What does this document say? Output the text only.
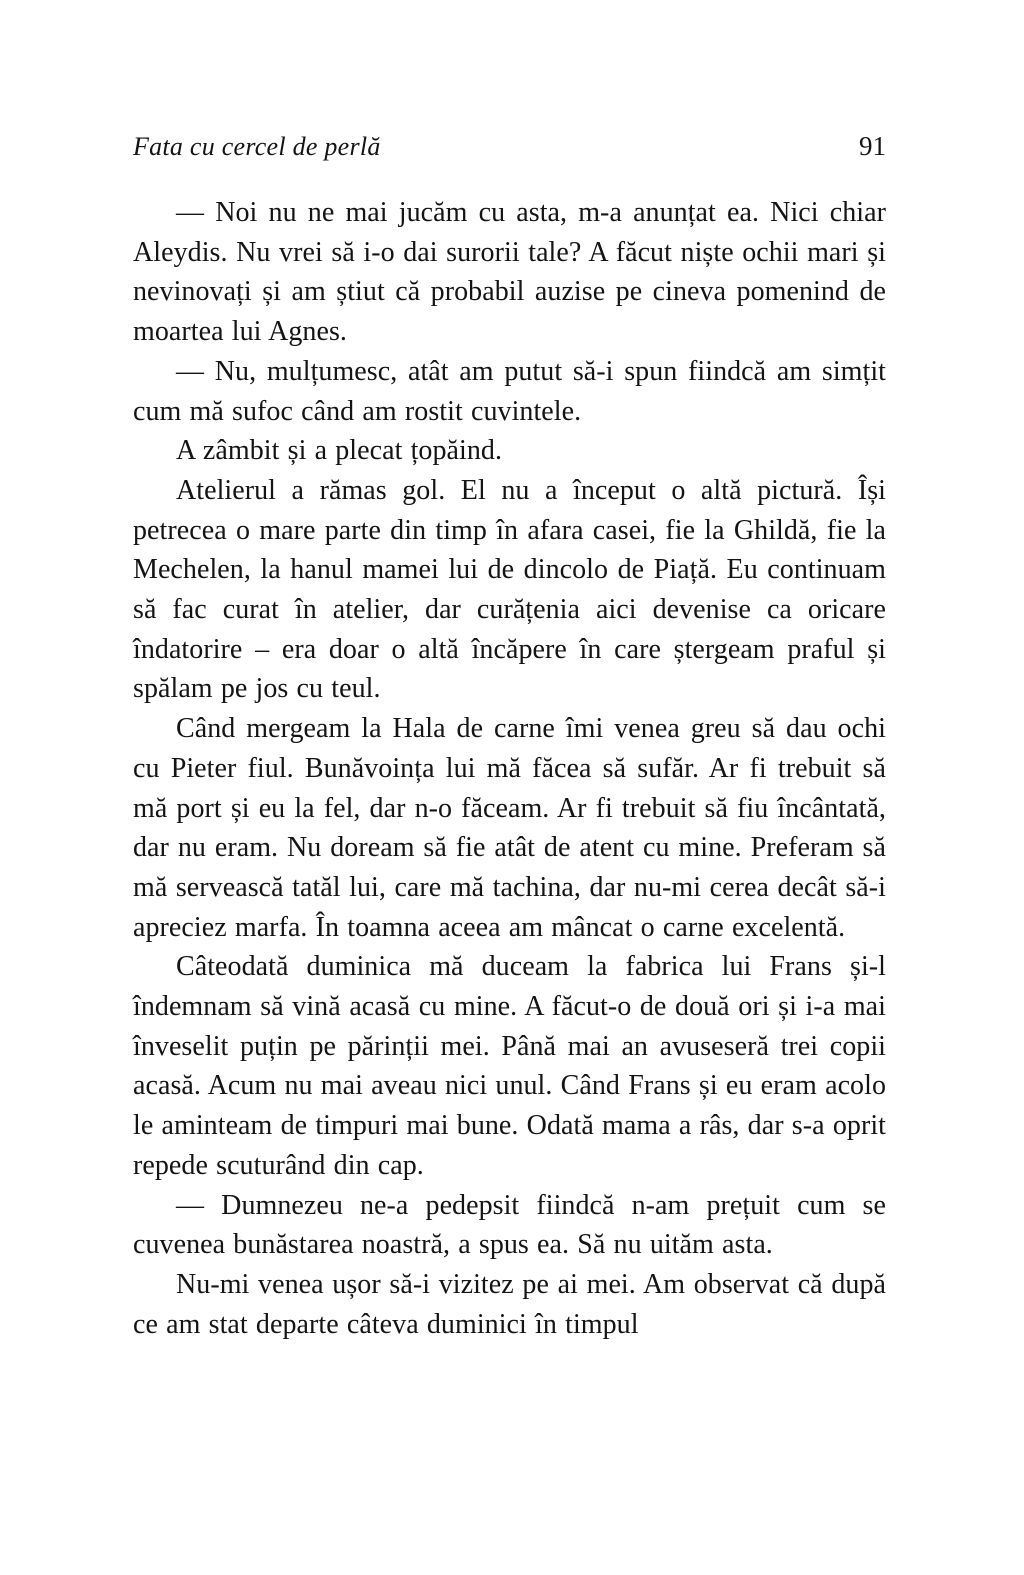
Fata cu cercel de perlă	91

— Noi nu ne mai jucăm cu asta, m-a anunțat ea. Nici chiar Aleydis. Nu vrei să i-o dai surorii tale? A făcut niște ochii mari și nevinovați și am știut că probabil auzise pe cineva pomenind de moartea lui Agnes.

— Nu, mulțumesc, atât am putut să-i spun fiindcă am simțit cum mă sufoc când am rostit cuvintele.

A zâmbit și a plecat țopăind.

Atelierul a rămas gol. El nu a început o altă pictură. Își petrecea o mare parte din timp în afara casei, fie la Ghildă, fie la Mechelen, la hanul mamei lui de dincolo de Piață. Eu continuam să fac curat în atelier, dar curățenia aici devenise ca oricare îndatorire – era doar o altă încăpere în care ștergeam praful și spălam pe jos cu teul.

Când mergeam la Hala de carne îmi venea greu să dau ochi cu Pieter fiul. Bunăvoința lui mă făcea să sufăr. Ar fi trebuit să mă port și eu la fel, dar n-o făceam. Ar fi trebuit să fiu încântată, dar nu eram. Nu doream să fie atât de atent cu mine. Preferam să mă servească tatăl lui, care mă tachina, dar nu-mi cerea decât să-i apreciez marfa. În toamna aceea am mâncat o carne excelentă.

Câteodată duminica mă duceam la fabrica lui Frans și-l îndemnam să vină acasă cu mine. A făcut-o de două ori și i-a mai înveselit puțin pe părinții mei. Până mai an avuseseră trei copii acasă. Acum nu mai aveau nici unul. Când Frans și eu eram acolo le aminteam de timpuri mai bune. Odată mama a râs, dar s-a oprit repede scuturând din cap.

— Dumnezeu ne-a pedepsit fiindcă n-am prețuit cum se cuvenea bunăstarea noastră, a spus ea. Să nu uităm asta.

Nu-mi venea ușor să-i vizitez pe ai mei. Am observat că după ce am stat departe câteva duminici în timpul
